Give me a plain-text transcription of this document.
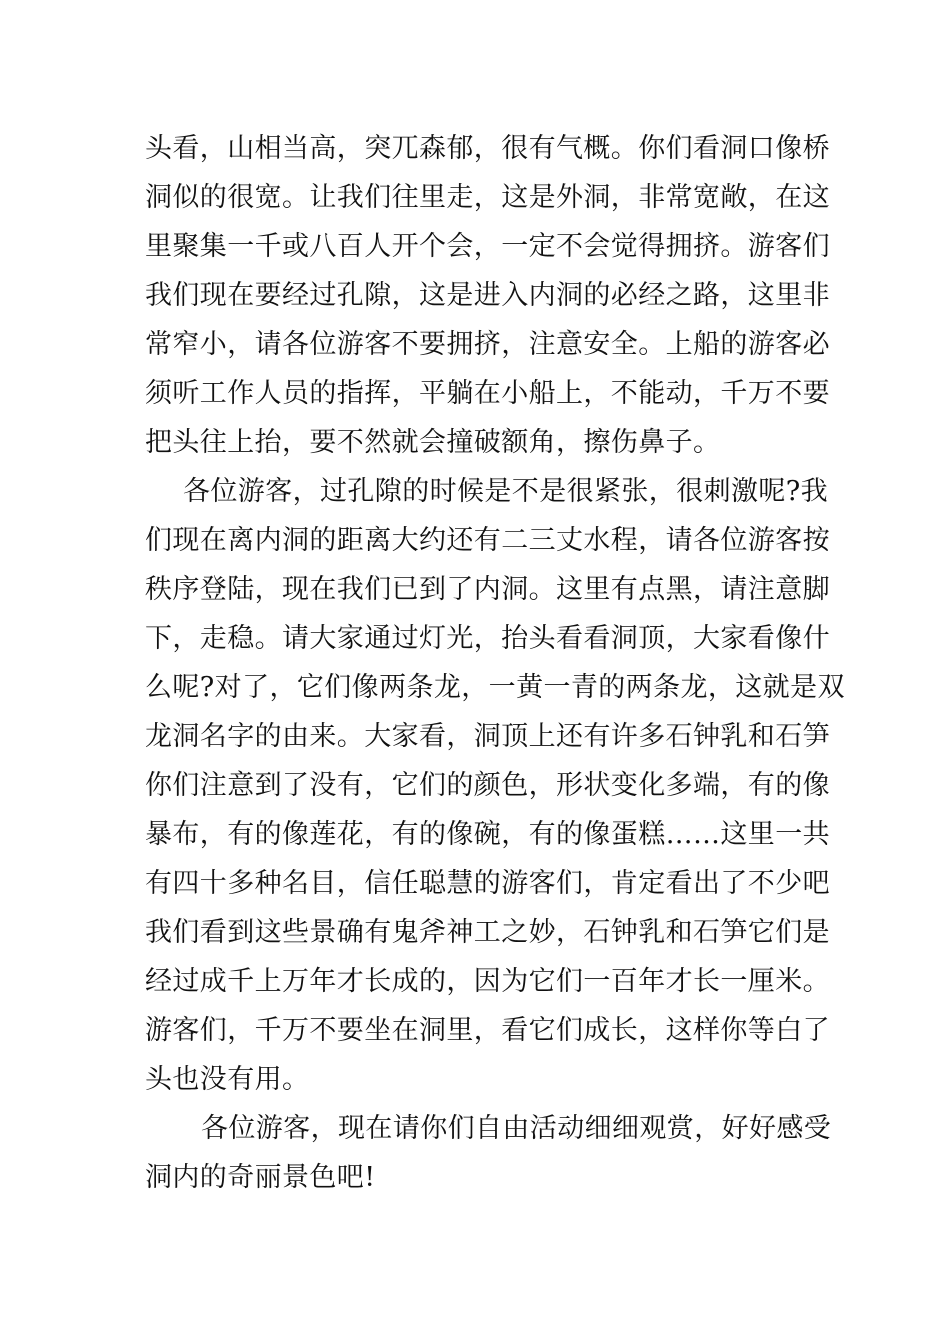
头看，山相当高，突兀森郁，很有气概。你们看洞口像桥
洞似的很宽。让我们往里走，这是外洞，非常宽敞，在这
里聚集一千或八百人开个会，一定不会觉得拥挤。游客们
我们现在要经过孔隙，这是进入内洞的必经之路，这里非
常窄小，请各位游客不要拥挤，注意安全。上船的游客必
须听工作人员的指挥，平躺在小船上，不能动，千万不要
把头往上抬，要不然就会撞破额角，擦伤鼻子。
各位游客，过孔隙的时候是不是很紧张，很刺激呢?我
们现在离内洞的距离大约还有二三丈水程，请各位游客按
秩序登陆，现在我们已到了内洞。这里有点黑，请注意脚
下，走稳。请大家通过灯光，抬头看看洞顶，大家看像什
么呢?对了，它们像两条龙，一黄一青的两条龙，这就是双
龙洞名字的由来。大家看，洞顶上还有许多石钟乳和石笋
你们注意到了没有，它们的颜色，形状变化多端，有的像
暴布，有的像莲花，有的像碗，有的像蛋糕……这里一共
有四十多种名目，信任聪慧的游客们，肯定看出了不少吧
我们看到这些景确有鬼斧神工之妙，石钟乳和石笋它们是
经过成千上万年才长成的，因为它们一百年才长一厘米。
游客们，千万不要坐在洞里，看它们成长，这样你等白了
头也没有用。
各位游客，现在请你们自由活动细细观赏，好好感受
洞内的奇丽景色吧!
